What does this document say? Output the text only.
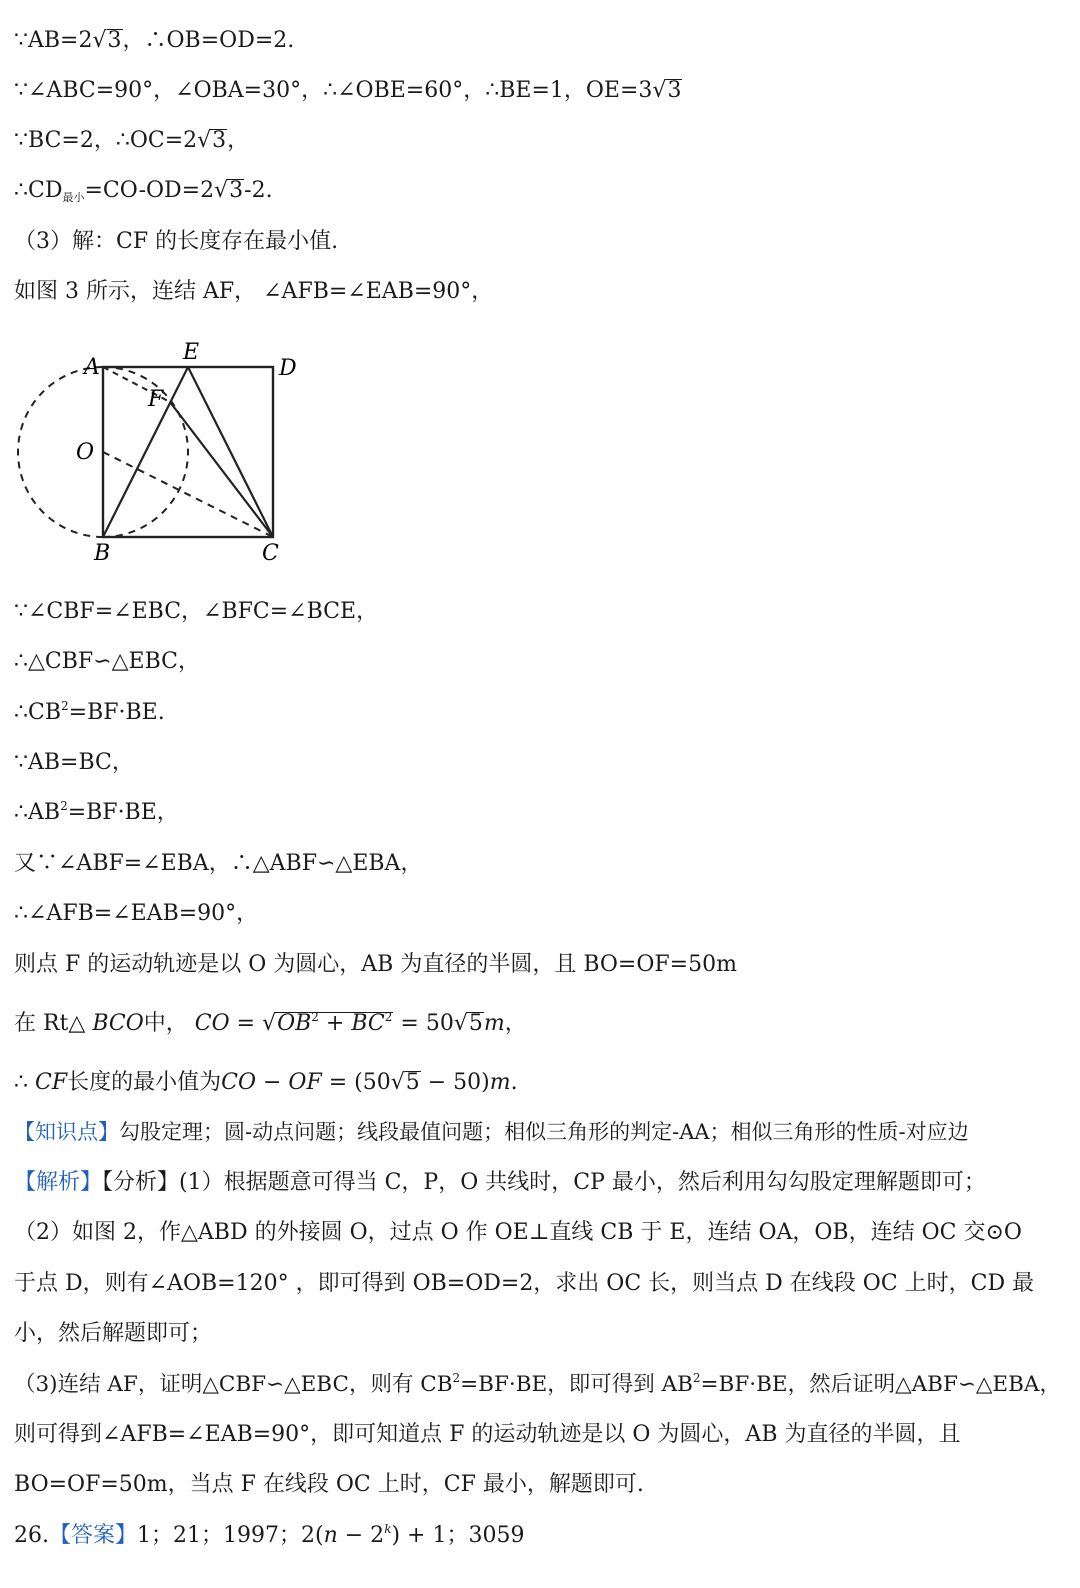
∵AB=2√3，∴OB=OD=2.
∵∠ABC=90°，∠OBA=30°，∴∠OBE=60°，∴BE=1，OE=3√3
∵BC=2，∴OC=2√3，
$\therefore CD_{最小}=CO-OD=2√3-2$.
（3）解：CF 的长度存在最小值.
如图 3 所示，连结 AF， ∠AFB=∠EAB=90°，
A
E
D
F
O
B	C
∵∠CBF=∠EBC，∠BFC=∠BCE，
∴△CBF∽△EBC，
$\therefore CB^2=BF\cdot BE$.
∵AB=BC，
$\therefore AB^2=BF\cdot BE$，
又∵∠ABF=∠EBA，∴△ABF∽△EBA，
∴∠AFB=∠EAB=90°，
则点 F 的运动轨迹是以 O 为圆心，AB 为直径的半圆，且 BO=OF=50m
在 Rt△ BCO中， CO = $√OB^2 + BC^2 = 50√5m$，
∴ CF长度的最小值为CO − OF = (50√5 − 50)m.
【知识点】勾股定理；圆-动点问题；线段最值问题；相似三角形的判定-AA；相似三角形的性质-对应边
【解析】【分析】(1）根据题意可得当 C，P，O 共线时，CP 最小，然后利用勾勾股定理解题即可；
（2）如图 2，作△ABD 的外接圆 O，过点 O 作 OE⊥直线 CB 于 E，连结 OA，OB，连结 OC 交⊙O
于点 D，则有∠AOB=120° ，即可得到 OB=OD=2，求出 OC 长，则当点 D 在线段 OC 上时，CD 最
小，然后解题即可；
（3)连结 AF，证明△CBF∽△EBC，则有 $CB^2=BF\cdot BE$，即可得到 $AB^2=BF\cdot BE$，然后证明△ABF∽△EBA，
则可得到∠AFB=∠EAB=90°，即可知道点 F 的运动轨迹是以 O 为圆心，AB 为直径的半圆，且
BO=OF=50m，当点 F 在线段 OC 上时，CF 最小，解题即可.
26.【答案】1；21；1997；$2(n - 2^k) + 1$；3059
